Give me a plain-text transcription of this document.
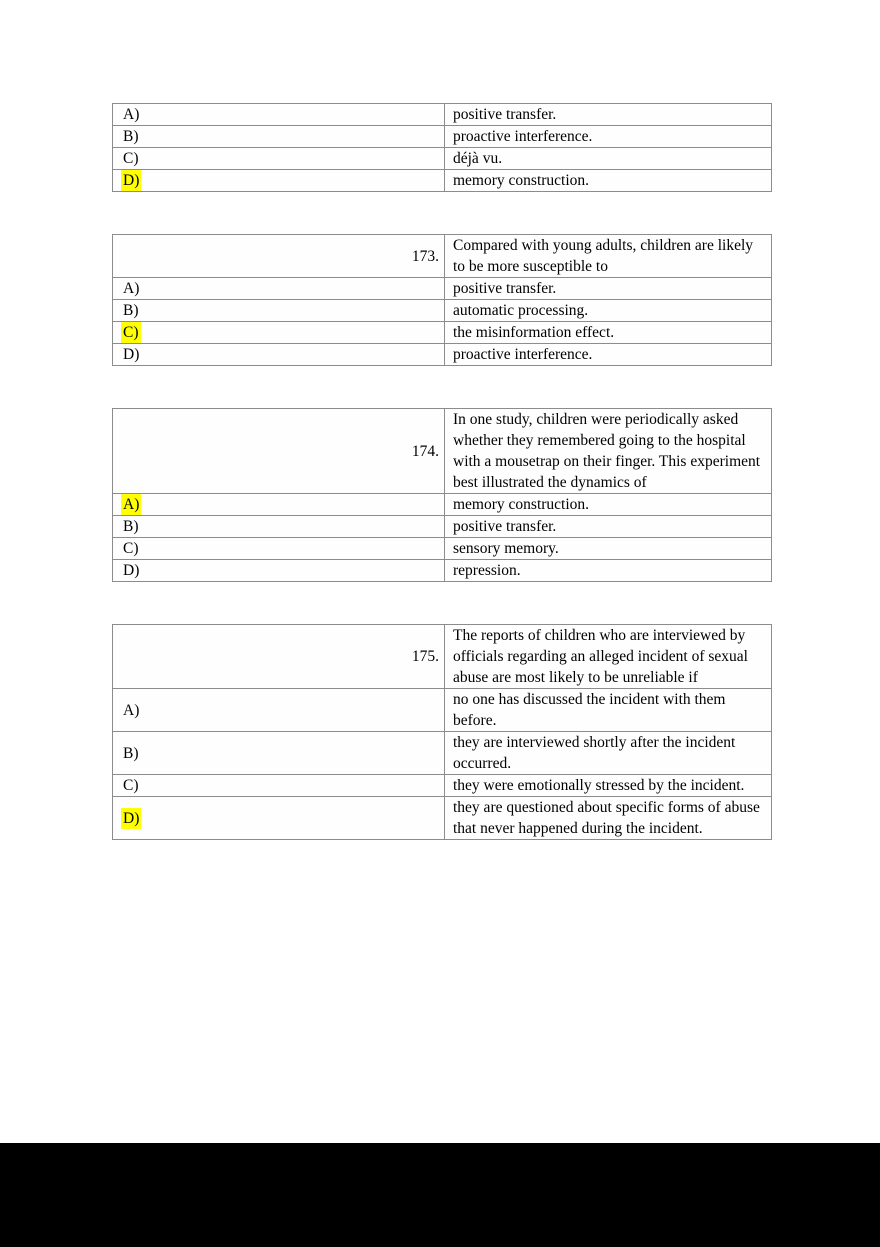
A)	positive transfer.
B)	proactive interference.
C)	déjà vu.
D)	memory construction.
173.	Compared with young adults, children are likely to be more susceptible to
A)	positive transfer.
B)	automatic processing.
C)	the misinformation effect.
D)	proactive interference.
174.	In one study, children were periodically asked whether they remembered going to the hospital with a mousetrap on their finger. This experiment best illustrated the dynamics of
A)	memory construction.
B)	positive transfer.
C)	sensory memory.
D)	repression.
175.	The reports of children who are interviewed by officials regarding an alleged incident of sexual abuse are most likely to be unreliable if
A)	no one has discussed the incident with them before.
B)	they are interviewed shortly after the incident occurred.
C)	they were emotionally stressed by the incident.
D)	they are questioned about specific forms of abuse that never happened during the incident.
